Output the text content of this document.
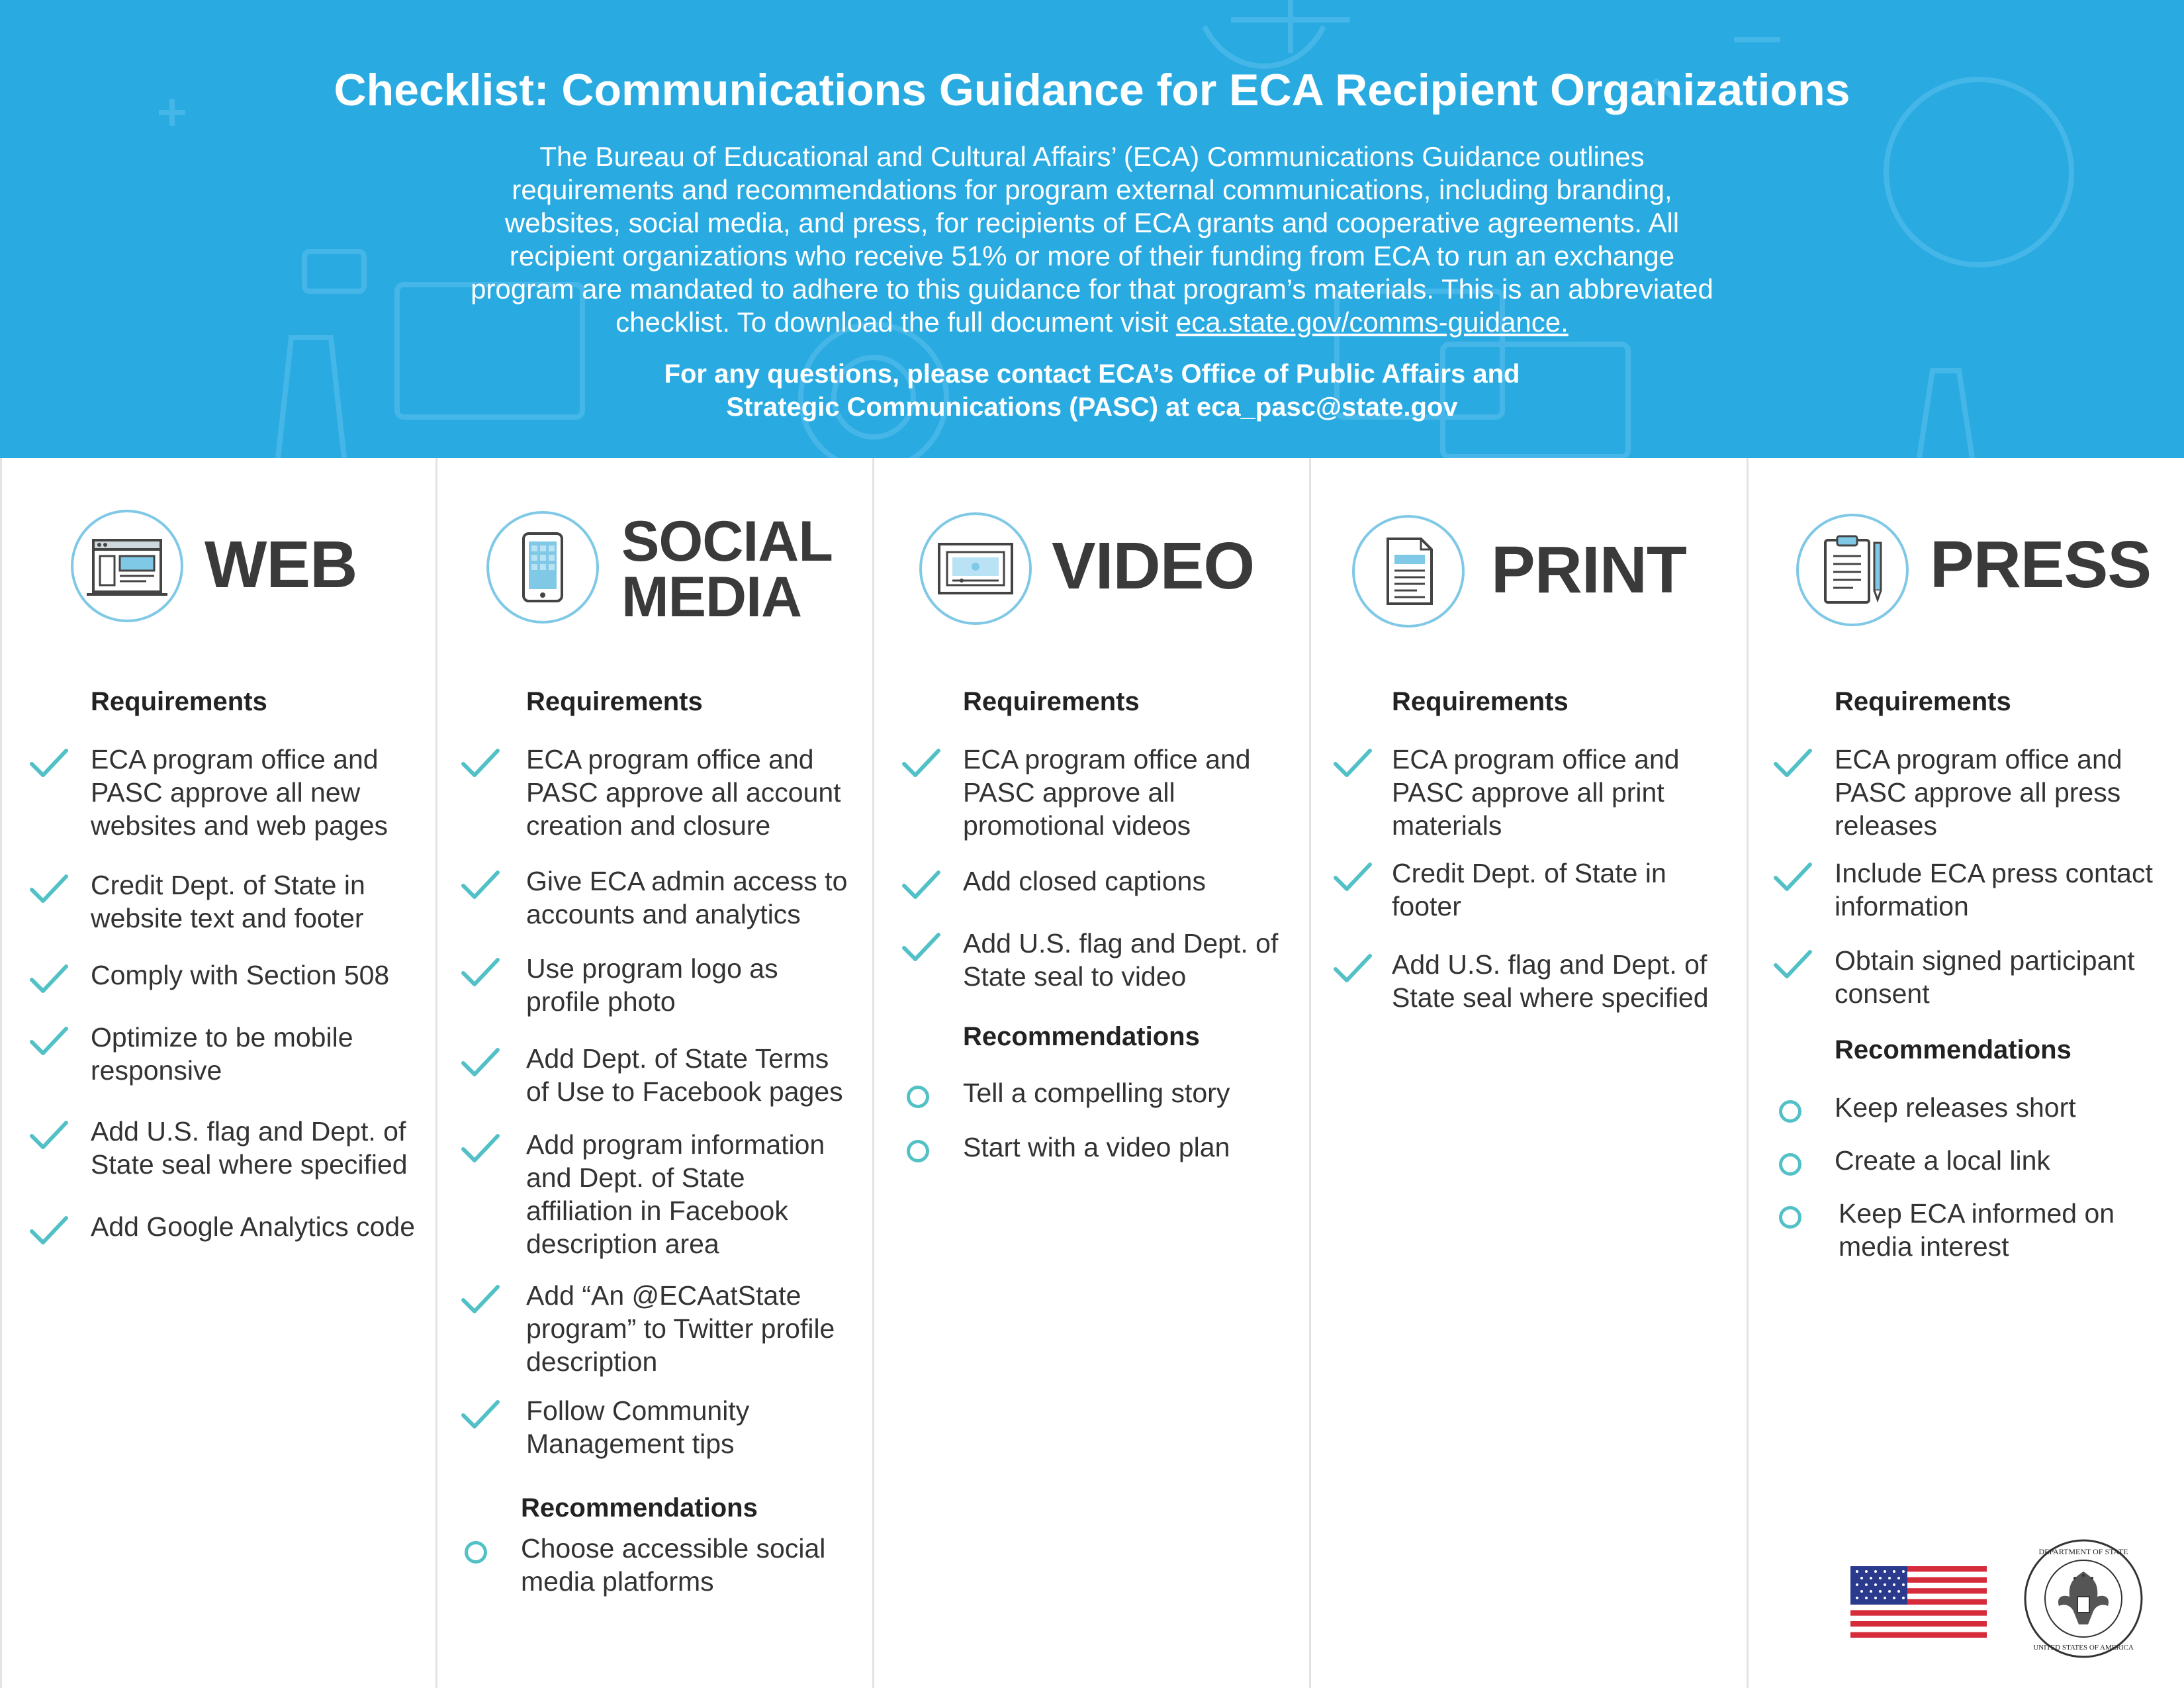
Checklist: Communications Guidance for ECA Recipient Organizations
The Bureau of Educational and Cultural Affairs’ (ECA) Communications Guidance outlines requirements and recommendations for program external communications, including branding, websites, social media, and press, for recipients of ECA grants and cooperative agreements. All recipient organizations who receive 51% or more of their funding from ECA to run an exchange program are mandated to adhere to this guidance for that program’s materials. This is an abbreviated checklist. To download the full document visit eca.state.gov/comms-guidance.
For any questions, please contact ECA’s Office of Public Affairs and
Strategic Communications (PASC) at eca_pasc@state.gov
WEB
Requirements
ECA program office and PASC approve all new websites and web pages
Credit Dept. of State in website text and footer
Comply with Section 508
Optimize to be mobile responsive
Add U.S. flag and Dept. of State seal where specified
Add Google Analytics code
SOCIAL
MEDIA
Requirements
ECA program office and PASC approve all account creation and closure
Give ECA admin access to accounts and analytics
Use program logo as profile photo
Add Dept. of State Terms of Use to Facebook pages
Add program information and Dept. of State affiliation in Facebook description area
Add “An @ECAatState program” to Twitter profile description
Follow Community Management tips
Recommendations
Choose accessible social media platforms
VIDEO
Requirements
ECA program office and PASC approve all promotional videos
Add closed captions
Add U.S. flag and Dept. of State seal to video
Recommendations
Tell a compelling story
Start with a video plan
PRINT
Requirements
ECA program office and PASC approve all print materials
Credit Dept. of State in footer
Add U.S. flag and Dept. of State seal where specified
PRESS
Requirements
ECA program office and PASC approve all press releases
Include ECA press contact information
Obtain signed participant consent
Recommendations
Keep releases short
Create a local link
Keep ECA informed on media interest
DEPARTMENT OF STATE
UNITED STATES OF AMERICA
